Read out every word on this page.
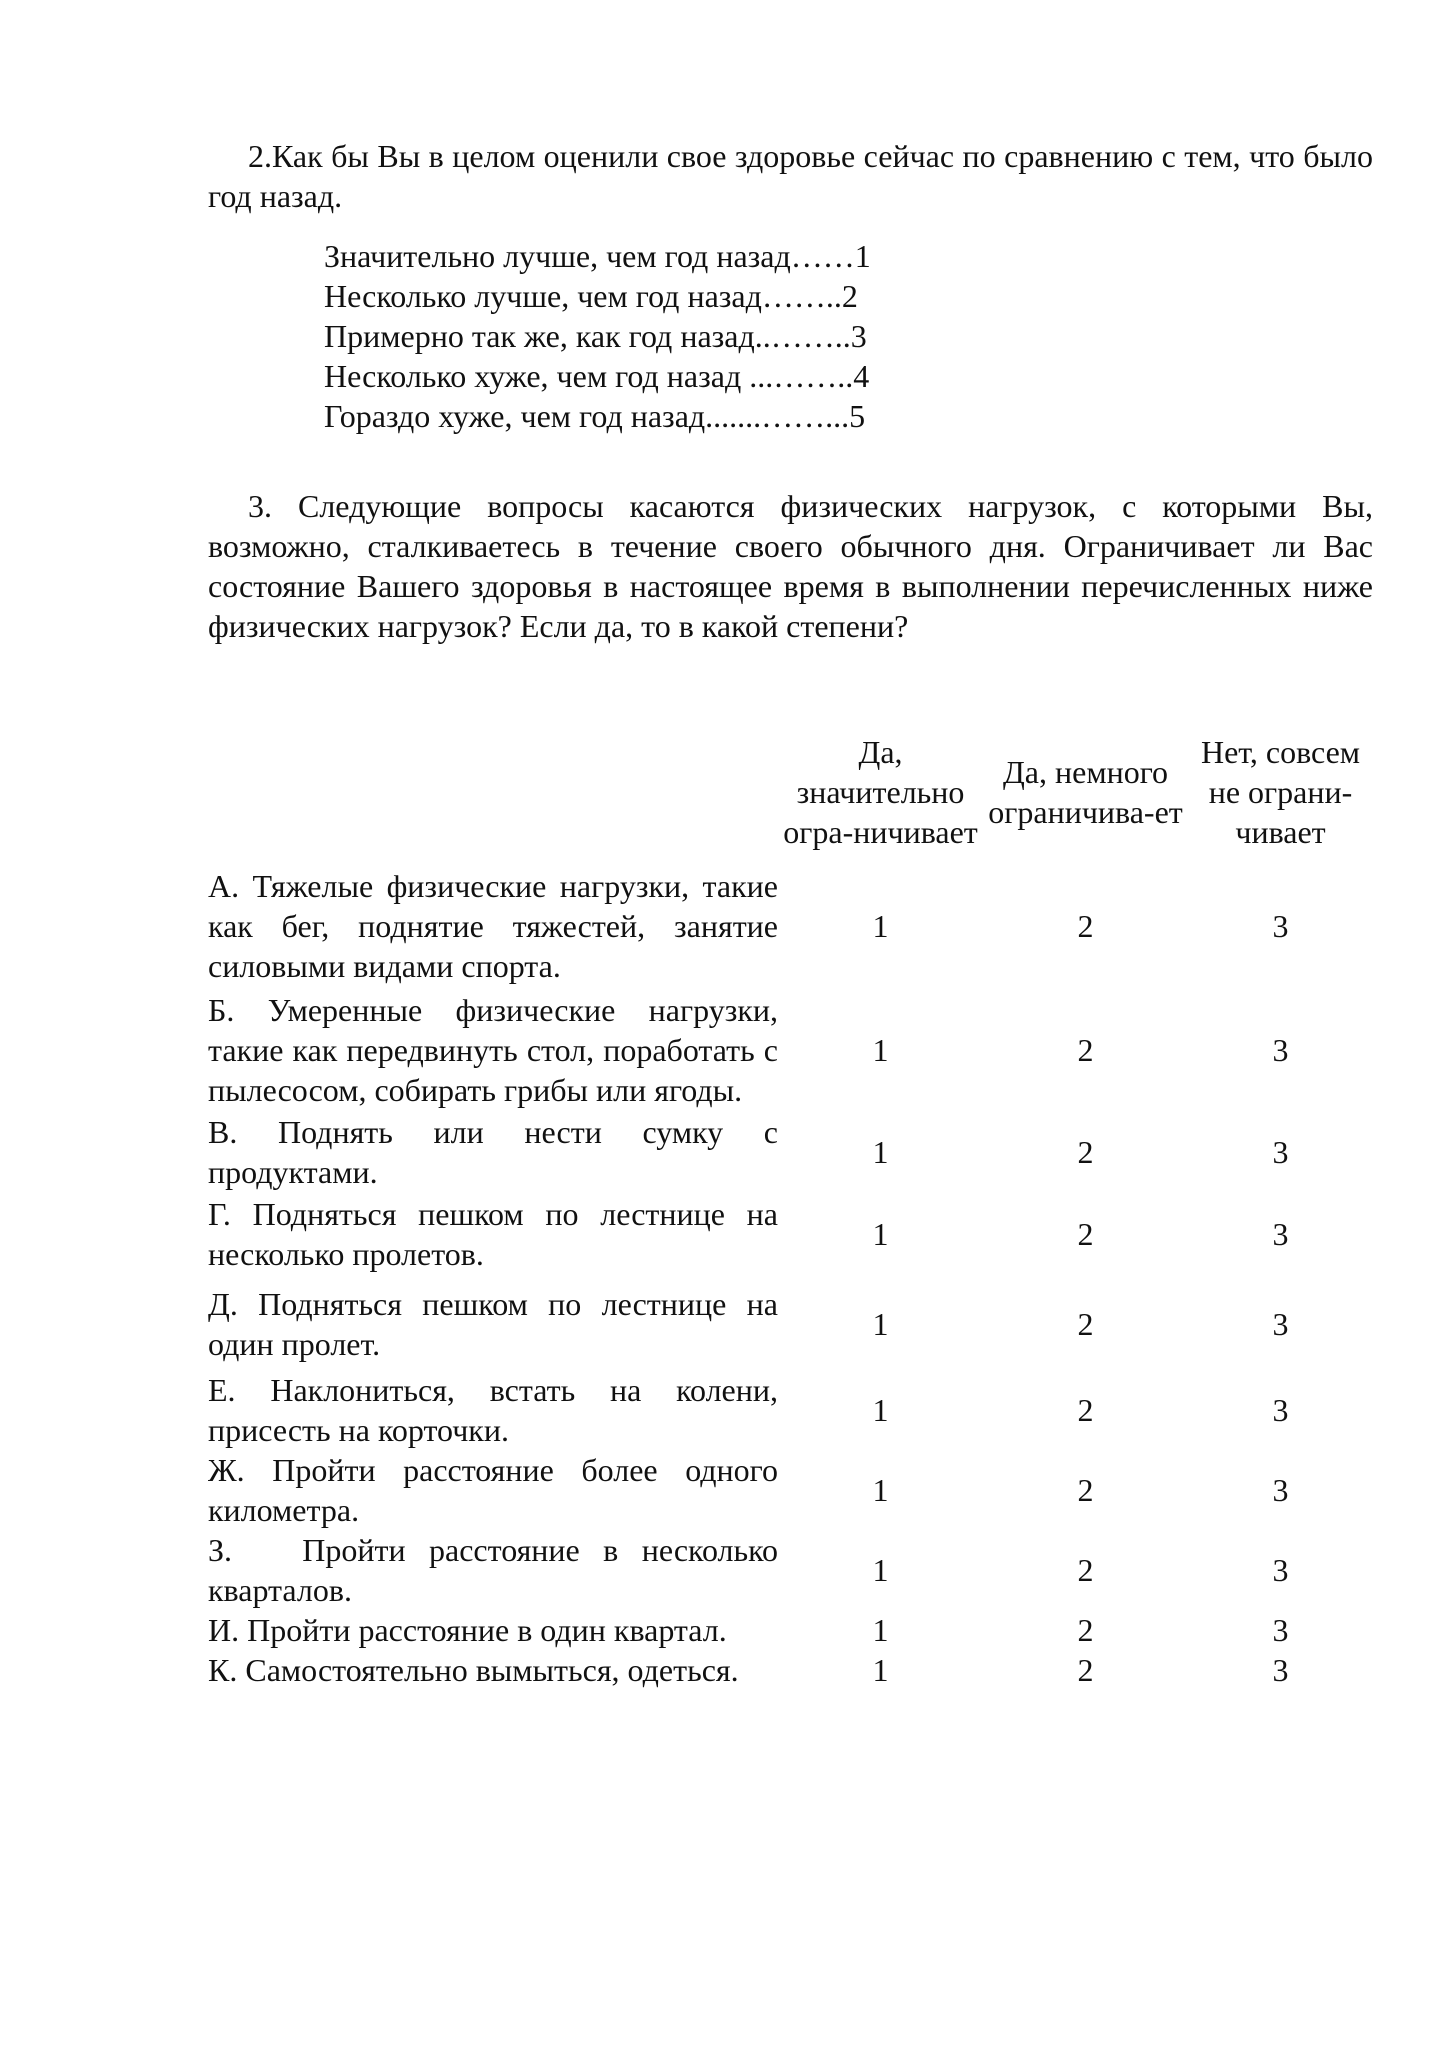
2.Как бы Вы в целом оценили свое здоровье сейчас по сравнению с тем, что было год назад.

Значительно лучше, чем год назад……1
Несколько лучше, чем год назад……..2
Примерно так же, как год назад..……..3
Несколько хуже, чем год назад ...……..4
Гораздо хуже, чем год назад.......……...5

3. Следующие вопросы касаются физических нагрузок, с которыми Вы, возможно, сталкиваетесь в течение своего обычного дня. Ограничивает ли Вас состояние Вашего здоровья в настоящее время в выполнении перечисленных ниже физических нагрузок? Если да, то в какой степени?

	Да, значительно огра-ничивает	Да, немного ограничива-ет	Нет, совсем не ограни-чивает
А. Тяжелые физические нагрузки, такие как бег, поднятие тяжестей, занятие силовыми видами спорта.	1	2	3
Б. Умеренные физические нагрузки, такие как передвинуть стол, поработать с пылесосом, собирать грибы или ягоды.	1	2	3
В. Поднять или нести сумку с продуктами.	1	2	3
Г. Подняться пешком по лестнице на несколько пролетов.	1	2	3
Д. Подняться пешком по лестнице на один пролет.	1	2	3
Е. Наклониться, встать на колени, присесть на корточки.	1	2	3
Ж. Пройти расстояние более одного километра.	1	2	3
З.   Пройти расстояние в несколько кварталов.	1	2	3
И. Пройти расстояние в один квартал.	1	2	3
К. Самостоятельно вымыться, одеться.	1	2	3
